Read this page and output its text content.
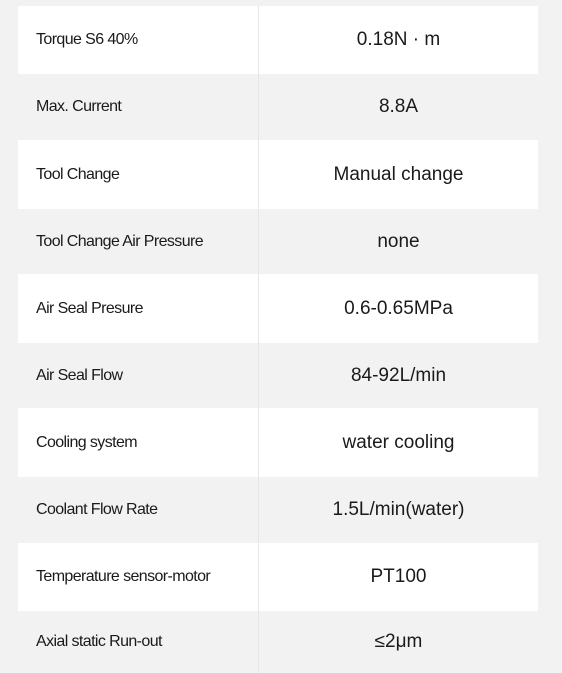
Torque S6 40%	0.18N · m
Max. Current	8.8A
Tool Change	Manual change
Tool Change Air Pressure	none
Air Seal Presure	0.6-0.65MPa
Air Seal Flow	84-92L/min
Cooling system	water cooling
Coolant Flow Rate	1.5L/min(water)
Temperature sensor-motor	PT100
Axial static Run-out	≤2μm
